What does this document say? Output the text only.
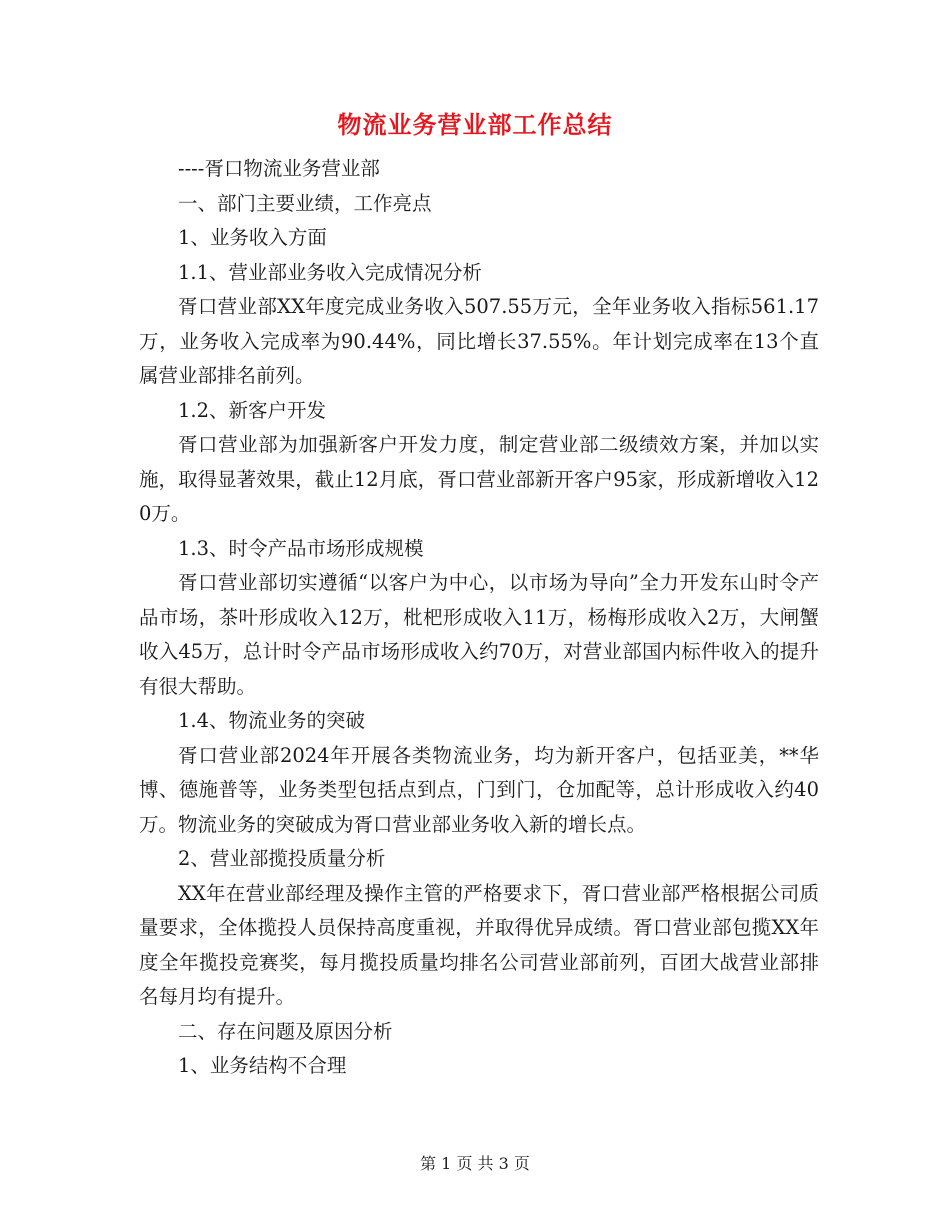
物流业务营业部工作总结

----胥口物流业务营业部

一、部门主要业绩，工作亮点

1、业务收入方面

1.1、营业部业务收入完成情况分析

胥口营业部XX年度完成业务收入507.55万元，全年业务收入指标561.17万，业务收入完成率为90.44%，同比增长37.55%。年计划完成率在13个直属营业部排名前列。

1.2、新客户开发

胥口营业部为加强新客户开发力度，制定营业部二级绩效方案，并加以实施，取得显著效果，截止12月底，胥口营业部新开客户95家，形成新增收入120万。

1.3、时令产品市场形成规模

胥口营业部切实遵循“以客户为中心，以市场为导向”全力开发东山时令产品市场，茶叶形成收入12万，枇杷形成收入11万，杨梅形成收入2万，大闸蟹收入45万，总计时令产品市场形成收入约70万，对营业部国内标件收入的提升有很大帮助。

1.4、物流业务的突破

胥口营业部2024年开展各类物流业务，均为新开客户，包括亚美，**华博、德施普等，业务类型包括点到点，门到门，仓加配等，总计形成收入约40万。物流业务的突破成为胥口营业部业务收入新的增长点。

2、营业部揽投质量分析

XX年在营业部经理及操作主管的严格要求下，胥口营业部严格根据公司质量要求，全体揽投人员保持高度重视，并取得优异成绩。胥口营业部包揽XX年度全年揽投竞赛奖，每月揽投质量均排名公司营业部前列，百团大战营业部排名每月均有提升。

二、存在问题及原因分析

1、业务结构不合理

第 1 页 共 3 页
